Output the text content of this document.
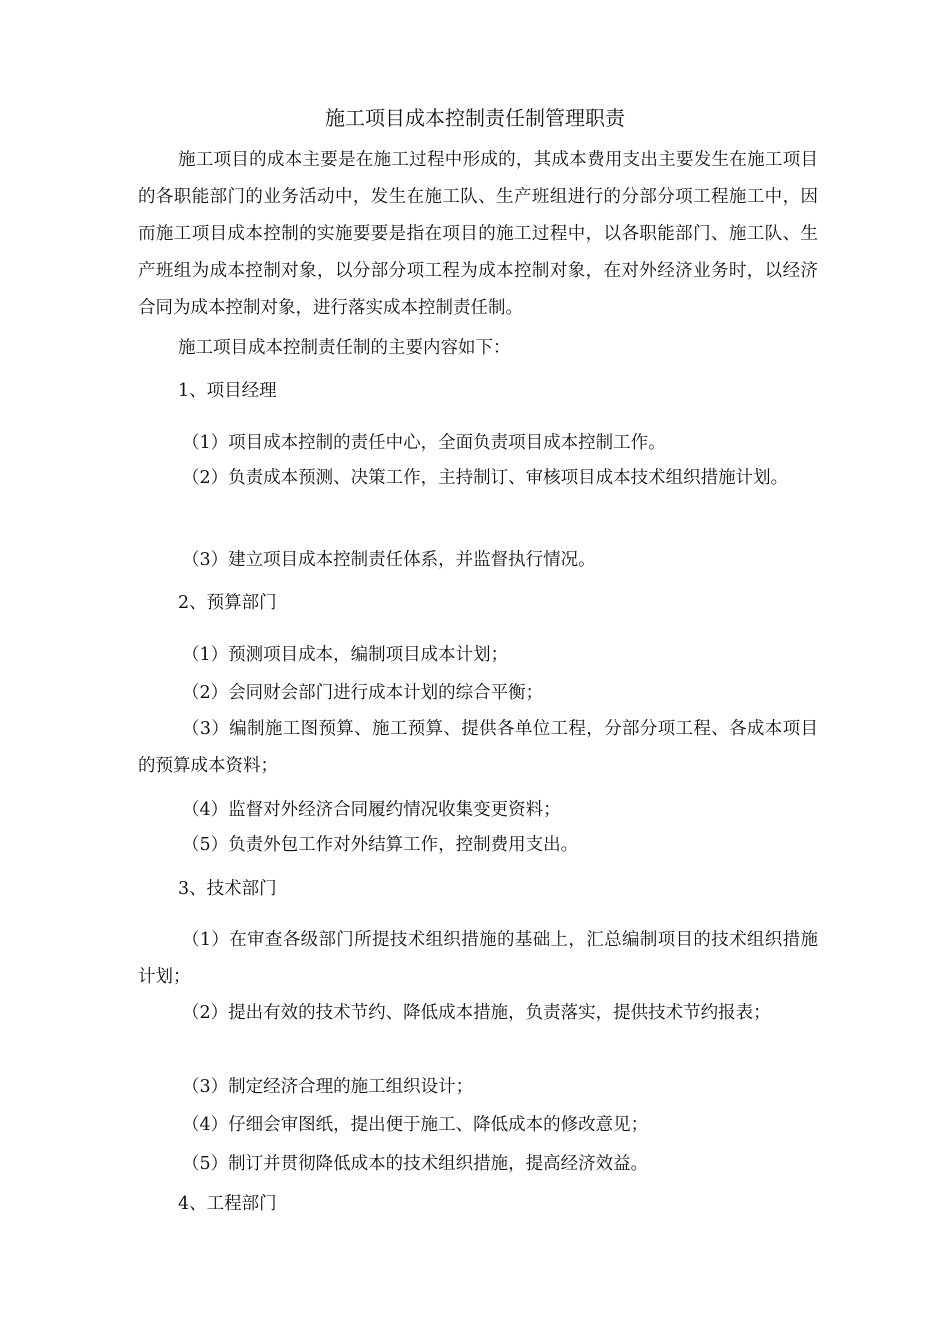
施工项目成本控制责任制管理职责
施工项目的成本主要是在施工过程中形成的，其成本费用支出主要发生在施工项目的各职能部门的业务活动中，发生在施工队、生产班组进行的分部分项工程施工中，因而施工项目成本控制的实施要要是指在项目的施工过程中，以各职能部门、施工队、生产班组为成本控制对象，以分部分项工程为成本控制对象，在对外经济业务时，以经济合同为成本控制对象，进行落实成本控制责任制。
施工项目成本控制责任制的主要内容如下：
1、项目经理
（1）项目成本控制的责任中心，全面负责项目成本控制工作。
（2）负责成本预测、决策工作，主持制订、审核项目成本技术组织措施计划。
（3）建立项目成本控制责任体系，并监督执行情况。
2、预算部门
（1）预测项目成本，编制项目成本计划；
（2）会同财会部门进行成本计划的综合平衡；
（3）编制施工图预算、施工预算、提供各单位工程，分部分项工程、各成本项目的预算成本资料；
（4）监督对外经济合同履约情况收集变更资料；
（5）负责外包工作对外结算工作，控制费用支出。
3、技术部门
（1）在审查各级部门所提技术组织措施的基础上，汇总编制项目的技术组织措施计划；
（2）提出有效的技术节约、降低成本措施，负责落实，提供技术节约报表；
（3）制定经济合理的施工组织设计；
（4）仔细会审图纸，提出便于施工、降低成本的修改意见；
（5）制订并贯彻降低成本的技术组织措施，提高经济效益。
4、工程部门
